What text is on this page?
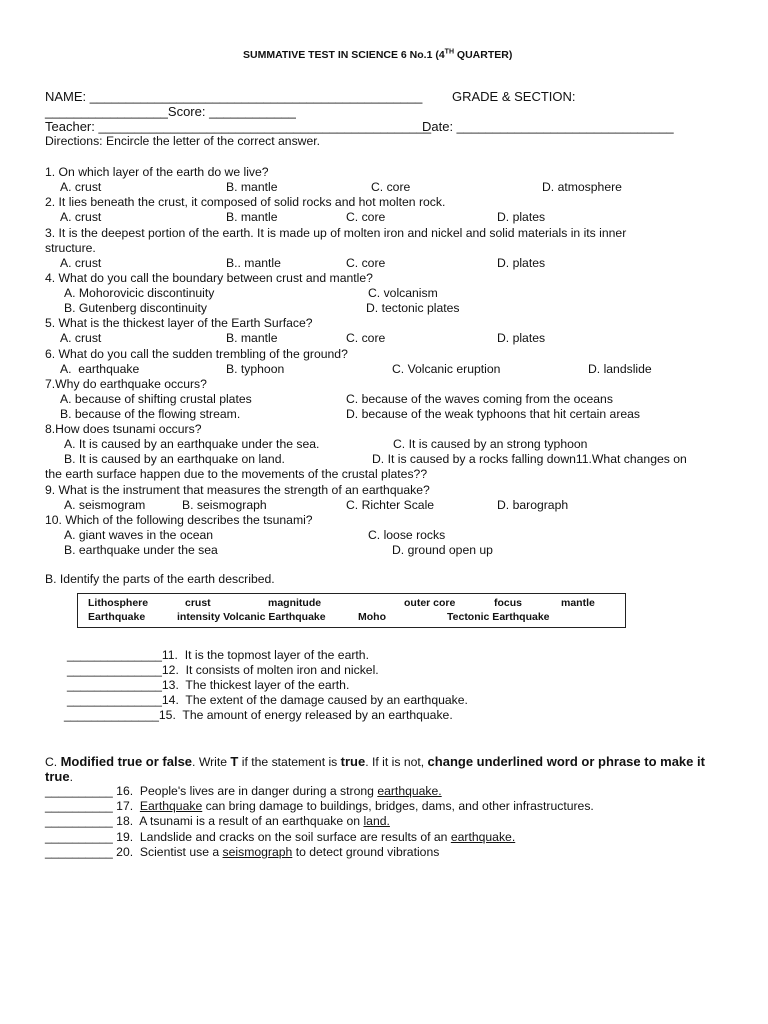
SUMMATIVE TEST IN SCIENCE 6 No.1 (4TH QUARTER)
NAME: ______________________________________________ GRADE & SECTION:
_________________Score: ____________
Teacher: ______________________________________________
Date: ______________________________
Directions: Encircle the letter of the correct answer.
1. On which layer of the earth do we live?
A. crust	B. mantle	C. core	D. atmosphere
2. It lies beneath the crust, it composed of solid rocks and hot molten rock.
A. crust	B. mantle	C. core	D. plates
3. It is the deepest portion of the earth. It is made up of molten iron and nickel and solid materials in its inner
structure.
A. crust	B.. mantle	C. core	D. plates
4. What do you call the boundary between crust and mantle?
A. Mohorovicic discontinuity	C. volcanism
B. Gutenberg discontinuity	D. tectonic plates
5. What is the thickest layer of the Earth Surface?
A. crust	B. mantle	C. core	D. plates
6. What do you call the sudden trembling of the ground?
A.  earthquake	B. typhoon	C. Volcanic eruption	D. landslide
7.Why do earthquake occurs?
A. because of shifting crustal plates	C. because of the waves coming from the oceans
B. because of the flowing stream.	D. because of the weak typhoons that hit certain areas
8.How does tsunami occurs?
A. It is caused by an earthquake under the sea.	C. It is caused by an strong typhoon
B. It is caused by an earthquake on land.	D. It is caused by a rocks falling down11.What changes on
the earth surface happen due to the movements of the crustal plates??
9. What is the instrument that measures the strength of an earthquake?
A. seismogram	B. seismograph	C. Richter Scale	D. barograph
10. Which of the following describes the tsunami?
A. giant waves in the ocean	C. loose rocks
B. earthquake under the sea	D. ground open up
B. Identify the parts of the earth described.
Lithosphere	crust	magnitude	outer core	focus	mantle
Earthquake	intensity Volcanic Earthquake	Moho	Tectonic Earthquake
______________11.  It is the topmost layer of the earth.
______________12.  It consists of molten iron and nickel.
______________13.  The thickest layer of the earth.
______________14.  The extent of the damage caused by an earthquake.
______________15.  The amount of energy released by an earthquake.
C. Modified true or false. Write T if the statement is true. If it is not, change underlined word or phrase to make it
true.
__________ 16.  People's lives are in danger during a strong earthquake.
__________ 17.  Earthquake can bring damage to buildings, bridges, dams, and other infrastructures.
__________ 18.  A tsunami is a result of an earthquake on land.
__________ 19.  Landslide and cracks on the soil surface are results of an earthquake.
__________ 20.  Scientist use a seismograph to detect ground vibrations
